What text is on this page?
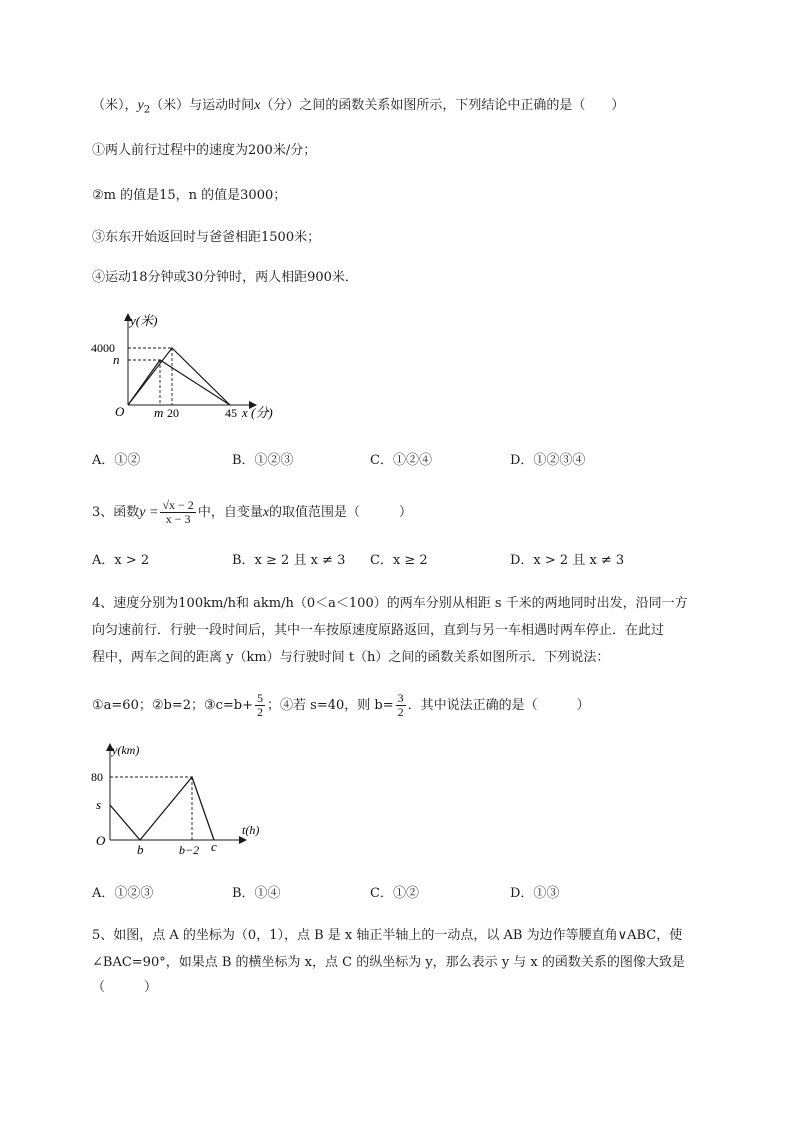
（米），$y_2$（米）与运动时间x（分）之间的函数关系如图所示，下列结论中正确的是（　　）
①两人前行过程中的速度为200米/分；
②m 的值是15，n 的值是3000；
③东东开始返回时与爸爸相距1500米；
④运动18分钟或30分钟时，两人相距900米．
y(米)
4000
n
O m 20	45 x (分)
A．①②	B．①②③	C．①②④	D．①②③④
3、函数$y = \frac{√x - 2}{x - 3}$ 中，自变量x的取值范围是（　　　）
A．x > 2	B．x ≥ 2 且 x ≠ 3 C．x ≥ 2	D．x > 2 且 x ≠ 3
4、速度分别为100km/h和 akm/h（0＜a＜100）的两车分别从相距 s 千米的两地同时出发，沿同一方
向匀速前行．行驶一段时间后，其中一车按原速度原路返回，直到与另一车相遇时两车停止．在此过
程中，两车之间的距离 y（km）与行驶时间 t（h）之间的函数关系如图所示．下列说法：
①a=60；②b=2；③c=b+ $\frac{5}{2}$ ；④若 s=40，则 $b= \frac{3}{2}$ ．其中说法正确的是（　　　）
y(km)
80
s
O
b	b−2 c
t(h)
A．①②③	B．①④	C．①②	D．①③
5、如图，点 A 的坐标为（0，1），点 B 是 x 轴正半轴上的一动点，以 AB 为边作等腰直角∨ABC，使
∠BAC=90°，如果点 B 的横坐标为 x，点 C 的纵坐标为 y，那么表示 y 与 x 的函数关系的图像大致是
（　　　）
